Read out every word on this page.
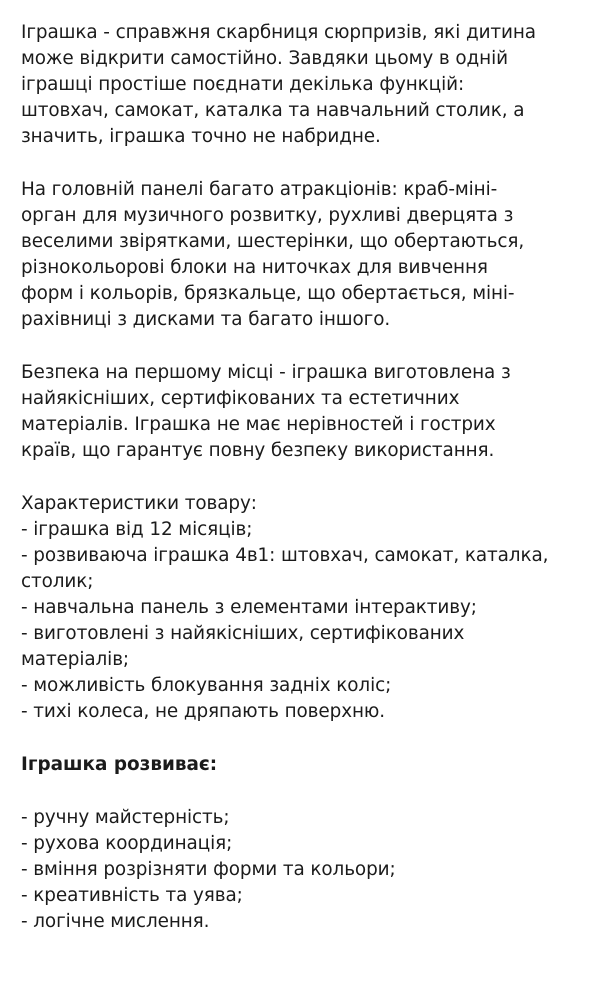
Іграшка - справжня скарбниця сюрпризів, які дитина
може відкрити самостійно. Завдяки цьому в одній
іграшці простіше поєднати декілька функцій:
штовхач, самокат, каталка та навчальний столик, а
значить, іграшка точно не набридне.

На головній панелі багато атракціонів: краб-міні-
орган для музичного розвитку, рухливі дверцята з
веселими звірятками, шестерінки, що обертаються,
різнокольорові блоки на ниточках для вивчення
форм і кольорів, брязкальце, що обертається, міні-
рахівниці з дисками та багато іншого.

Безпека на першому місці - іграшка виготовлена з
найякісніших, сертифікованих та естетичних
матеріалів. Іграшка не має нерівностей і гострих
країв, що гарантує повну безпеку використання.

Характеристики товару:

- іграшка від 12 місяців;
- розвиваюча іграшка 4в1: штовхач, самокат, каталка,
столик;
- навчальна панель з елементами інтерактиву;
- виготовлені з найякісніших, сертифікованих
матеріалів;
- можливість блокування задніх коліс;
- тихі колеса, не дряпають поверхню.

Іграшка розвиває:

- ручну майстерність;
- рухова координація;
- вміння розрізняти форми та кольори;
- креативність та уява;
- логічне мислення.
